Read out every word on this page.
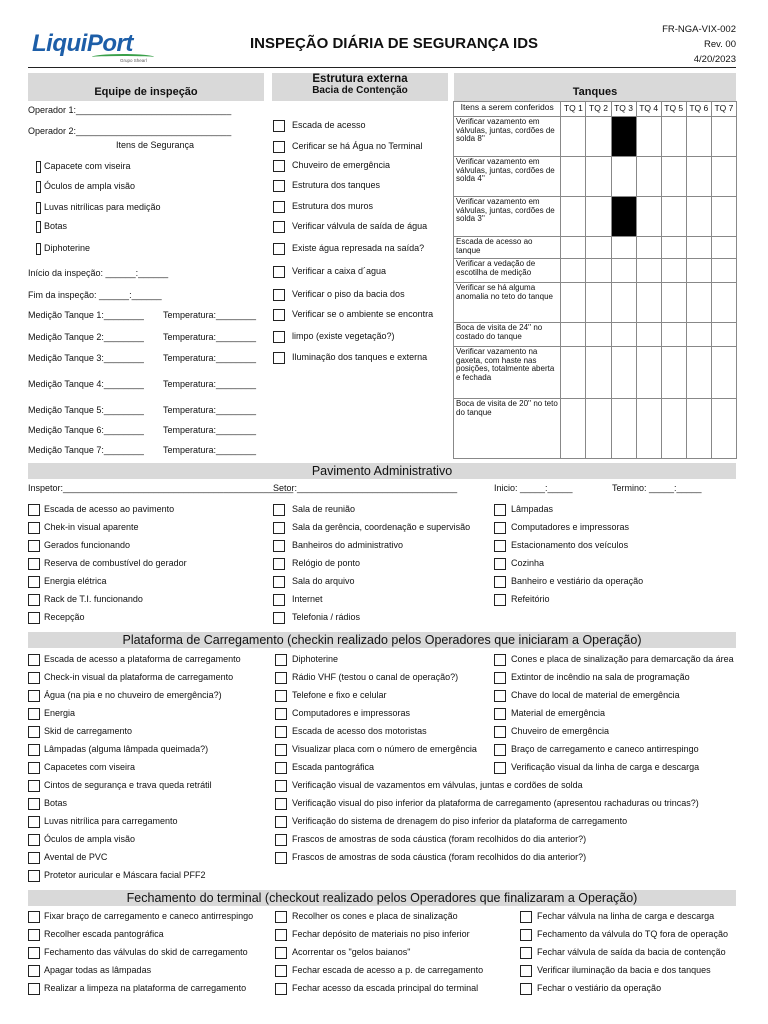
LiquiPort
Grupo Shearl
INSPEÇÃO DIÁRIA DE SEGURANÇA IDS
FR-NGA-VIX-002
Rev. 00
4/20/2023
Equipe de inspeção
Operador 1:_______________________________
Operador 2:_______________________________
Itens de Segurança
Capacete com viseira
Óculos de ampla visão
Luvas nitrílicas para medição
Botas
Diphoterine
Início da inspeção: ______:______
Fim da inspeção: ______:______
Medição Tanque 1:________ Temperatura:________
Medição Tanque 2:________ Temperatura:________
Medição Tanque 3:________ Temperatura:________
Medição Tanque 4:________ Temperatura:________
Medição Tanque 5:________ Temperatura:________
Medição Tanque 6:________ Temperatura:________
Medição Tanque 7:________ Temperatura:________
Estrutura externa
Bacia de Contenção
Escada de acesso
Cerificar se há Água no Terminal
Chuveiro de emergência
Estrutura dos tanques
Estrutura dos muros
Verificar válvula de saída de água
Existe água represada na saída?
Verificar a caixa d´agua
Verificar o piso da bacia dos
Verificar se o ambiente se encontra
limpo (existe vegetação?)
Iluminação dos tanques e externa
Tanques
Itens a serem conferidos	TQ 1	TQ 2	TQ 3	TQ 4	TQ 5	TQ 6	TQ 7
Verificar vazamento em válvulas, juntas, cordões de solda 8''							
Verificar vazamento em válvulas, juntas, cordões de solda 4''							
Verificar vazamento em válvulas, juntas, cordões de solda 3''							
Escada de acesso ao tanque							
Verificar a vedação de escotilha de medição							
Verificar se há alguma anomalia no teto do tanque							
Boca de visita de 24'' no costado do tanque							
Verificar vazamento na gaxeta, com haste nas posições, totalmente aberta e fechada							
Boca de visita de 20'' no teto do tanque							
Pavimento Administrativo
Inspetor:______________________________________________
Setor:________________________________	Inicio: _____:_____	Termino: _____:_____
Escada de acesso ao pavimento
Chek-in visual aparente
Gerados funcionando
Reserva de combustível do gerador
Energia elétrica
Rack de T.I. funcionando
Recepção
Sala de reunião
Sala da gerência, coordenação e supervisão
Banheiros do administrativo
Relógio de ponto
Sala do arquivo
Internet
Telefonia / rádios
Lâmpadas
Computadores e impressoras
Estacionamento dos veículos
Cozinha
Banheiro e vestiário da operação
Refeitório
Plataforma de Carregamento (checkin realizado pelos Operadores que iniciaram a Operação)
Escada de acesso a plataforma de carregamento
Check-in visual da plataforma de carregamento
Água (na pia e no chuveiro de emergência?)
Energia
Skid de carregamento
Lâmpadas (alguma lâmpada queimada?)
Capacetes com viseira
Cintos de segurança e trava queda retrátil
Botas
Luvas nitrílica para carregamento
Óculos de ampla visão
Avental de PVC
Protetor auricular e Máscara facial PFF2
Diphoterine
Rádio VHF (testou o canal de operação?)
Telefone e fixo e celular
Computadores e impressoras
Escada de acesso dos motoristas
Visualizar placa com o número de emergência
Escada pantográfica
Cones e placa de sinalização para demarcação da área
Extintor de incêndio na sala de programação
Chave do local de material de emergência
Material de emergência
Chuveiro de emergência
Braço de carregamento e caneco antirrespingo
Verificação visual da linha de carga e descarga
Verificação visual de vazamentos em válvulas, juntas e cordões de solda
Verificação visual do piso inferior da plataforma de carregamento (apresentou rachaduras ou trincas?)
Verificação do sistema de drenagem do piso inferior da plataforma de carregamento
Frascos de amostras de soda cáustica (foram recolhidos do dia anterior?)
Frascos de amostras de soda cáustica (foram recolhidos do dia anterior?)
Fechamento do terminal (checkout realizado pelos Operadores que finalizaram a Operação)
Fixar braço de carregamento e caneco antirrespingo
Recolher escada pantográfica
Fechamento das válvulas do skid de carregamento
Apagar todas as lâmpadas
Realizar a limpeza na plataforma de carregamento
Recolher os cones e placa de sinalização
Fechar depósito de materiais no piso inferior
Acorrentar os "gelos baianos"
Fechar escada de acesso a p. de carregamento
Fechar acesso da escada principal do terminal
Fechar válvula na linha de carga e descarga
Fechamento da válvula do TQ fora de operação
Fechar válvula de saída da bacia de contenção
Verificar iluminação da bacia e dos tanques
Fechar o vestiário da operação
